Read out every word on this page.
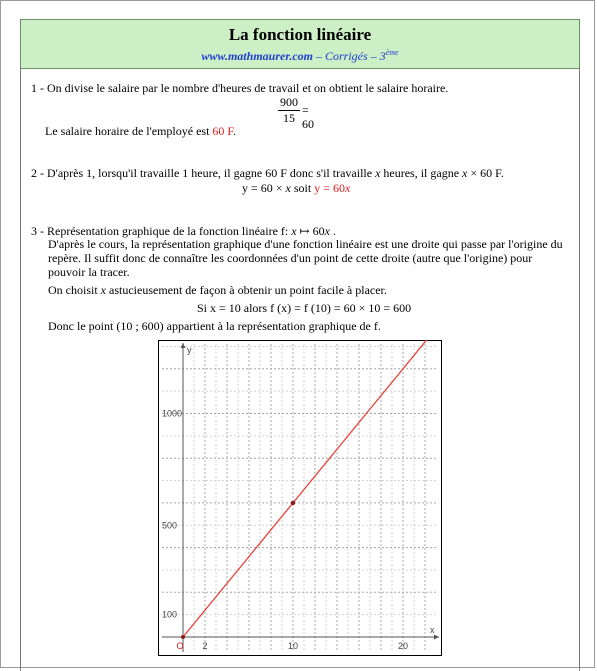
La fonction linéaire
www.mathmaurer.com – Corrigés – 3ème
1 - On divise le salaire par le nombre d'heures de travail et on obtient le salaire horaire.
900
15
= 60
Le salaire horaire de l'employé est 60 F.
2 - D'après 1, lorsqu'il travaille 1 heure, il gagne 60 F donc s'il travaille x heures, il gagne x × 60 F.
y = 60 × x soit y = 60x
3 - Représentation graphique de la fonction linéaire f: x ↦ 60x .
D'après le cours, la représentation graphique d'une fonction linéaire est une droite qui passe par l'origine du repère. Il suffit donc de connaître les coordonnées d'un point de cette droite (autre que l'origine) pour pouvoir la tracer.
On choisit x astucieusement de façon à obtenir un point facile à placer.
Si x = 10 alors f (x) = f (10) = 60 × 10 = 600
Donc le point (10 ; 600) appartient à la représentation graphique de f.
x
y
2	10	20
100
500
1000
O
